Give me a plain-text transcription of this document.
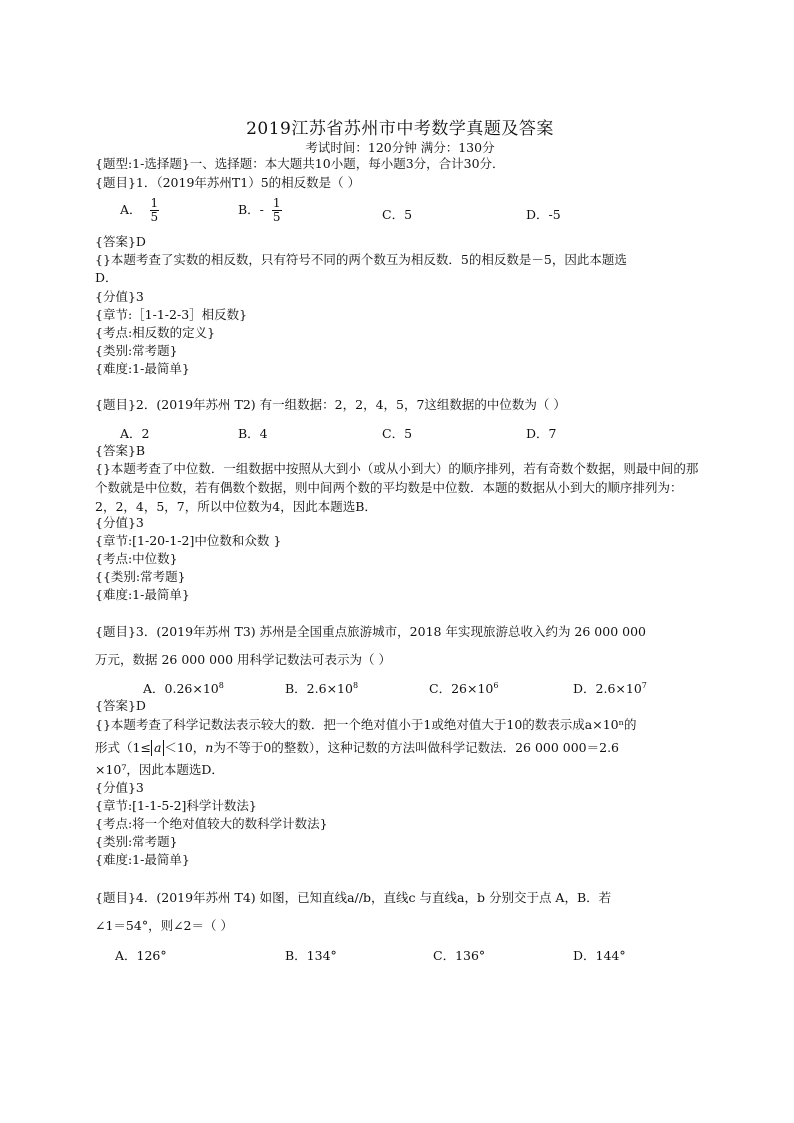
2019江苏省苏州市中考数学真题及答案
考试时间：120分钟 满分：130分
{题型:1-选择题}一、选择题：本大题共10小题，每小题3分，合计30分．
{题目}1．（2019年苏州T1）5的相反数是（ ）
A． $\frac{1}{5}$	B．- $\frac{1}{5}$	C．5	D．-5
{答案}D
{}本题考查了实数的相反数，只有符号不同的两个数互为相反数．5的相反数是－5，因此本题选
D．
{分值}3
{章节:［1-1-2-3］相反数}
{考点:相反数的定义}
{类别:常考题}
{难度:1-最简单}
{题目}2．(2019年苏州 T2) 有一组数据：2，2，4，5，7这组数据的中位数为（ ）
A．2	B．4	C．5	D．7
{答案}B
{}本题考查了中位数．一组数据中按照从大到小（或从小到大）的顺序排列，若有奇数个数据，则最中间的那个数就是中位数，若有偶数个数据，则中间两个数的平均数是中位数．本题的数据从小到大的顺序排列为：2，2，4，5，7，所以中位数为4，因此本题选B．
{分值}3
{章节:[1-20-1-2]中位数和众数 }
{考点:中位数}
{{类别:常考题}
{难度:1-最简单}
{题目}3．(2019年苏州 T3) 苏州是全国重点旅游城市，2018 年实现旅游总收入约为 26 000 000
万元，数据 26 000 000 用科学记数法可表示为（ ）
A．$0.26\times 10^8$	B．$2.6\times 10^8$	C．$26\times 10^6$	D．$2.6\times 10^7$
{答案}D
{}本题考查了科学记数法表示较大的数．把一个绝对值小于1或绝对值大于10的数表示成a×10ⁿ的
形式（1≤ a ＜10，n为不等于0的整数），这种记数的方法叫做科学记数法．26 000 000＝2.6
×10⁷，因此本题选D．
{分值}3
{章节:[1-1-5-2]科学计数法}
{考点:将一个绝对值较大的数科学计数法}
{类别:常考题}
{难度:1-最简单}
{题目}4．(2019年苏州 T4) 如图，已知直线a//b，直线c 与直线a，b 分别交于点 A，B．若
∠1＝54°，则∠2＝（ ）
A．126°	B．134°	C．136°	D．144°
